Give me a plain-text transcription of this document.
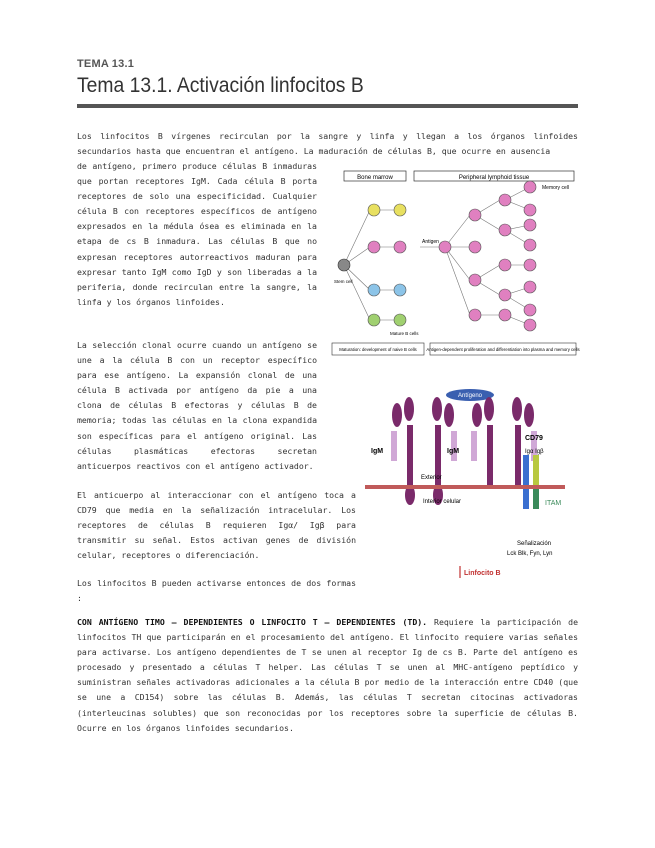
TEMA 13.1
Tema 13.1. Activación linfocitos B
Los linfocitos B vírgenes recirculan por la sangre y linfa y llegan a los órganos linfoides secundarios hasta que encuentran el antígeno. La maduración de células B, que ocurre en ausencia
de antígeno, primero produce células B inmaduras que portan receptores IgM. Cada célula B porta receptores de solo una especificidad. Cualquier célula B con receptores específicos de antígeno expresados en la médula ósea es eliminada en la etapa de cs B inmadura. Las células B que no expresan receptores autorreactivos maduran para expresar tanto IgM como IgD y son liberadas a la periferia, donde recirculan entre la sangre, la linfa y los órganos linfoides.
La selección clonal ocurre cuando un antígeno se une a la célula B con un receptor específico para ese antígeno. La expansión clonal de una célula B activada por antígeno da pie a una clona de células B efectoras y células B de memoria; todas las células en la clona expandida son específicas para el antígeno original. Las células plasmáticas efectoras secretan anticuerpos reactivos con el antígeno activador.
El anticuerpo al interaccionar con el antígeno toca a CD79 que media en la señalización intracelular. Los receptores de células B requieren Igα/ Igβ para transmitir su señal. Estos activan genes de división celular, receptores o diferenciación.
Los linfocitos B pueden activarse entonces de dos formas :
CON ANTÍGENO TIMO – DEPENDIENTES O LINFOCITO T – DEPENDIENTES (TD). Requiere la participación de linfocitos TH que participarán en el procesamiento del antígeno. El linfocito requiere varias señales para activarse. Los antígeno dependientes de T se unen al receptor Ig de cs B. Parte del antígeno es procesado y presentado a células T helper. Las células T se unen al MHC-antígeno peptídico y suministran señales activadoras adicionales a la célula B por medio de la interacción entre CD40 (que se une a CD154) sobre las células B. Además, las células T secretan citocinas activadoras (interleucinas solubles) que son reconocidas por los receptores sobre la superficie de células B. Ocurre en los órganos linfoides secundarios.
Bone marrow	Peripheral lymphoid tissue
Antigen
Memory cell
Stem cell
Mature B cells
Maturation: development of naive B cells Antigen-dependent proliferation and differentiation into plasma and memory cells
Antígeno
IgM	IgM
Exterior
Interior celular
CD79
Igα Igβ
ITAM
Señalización
Lck Blk, Fyn, Lyn
Linfocito B
